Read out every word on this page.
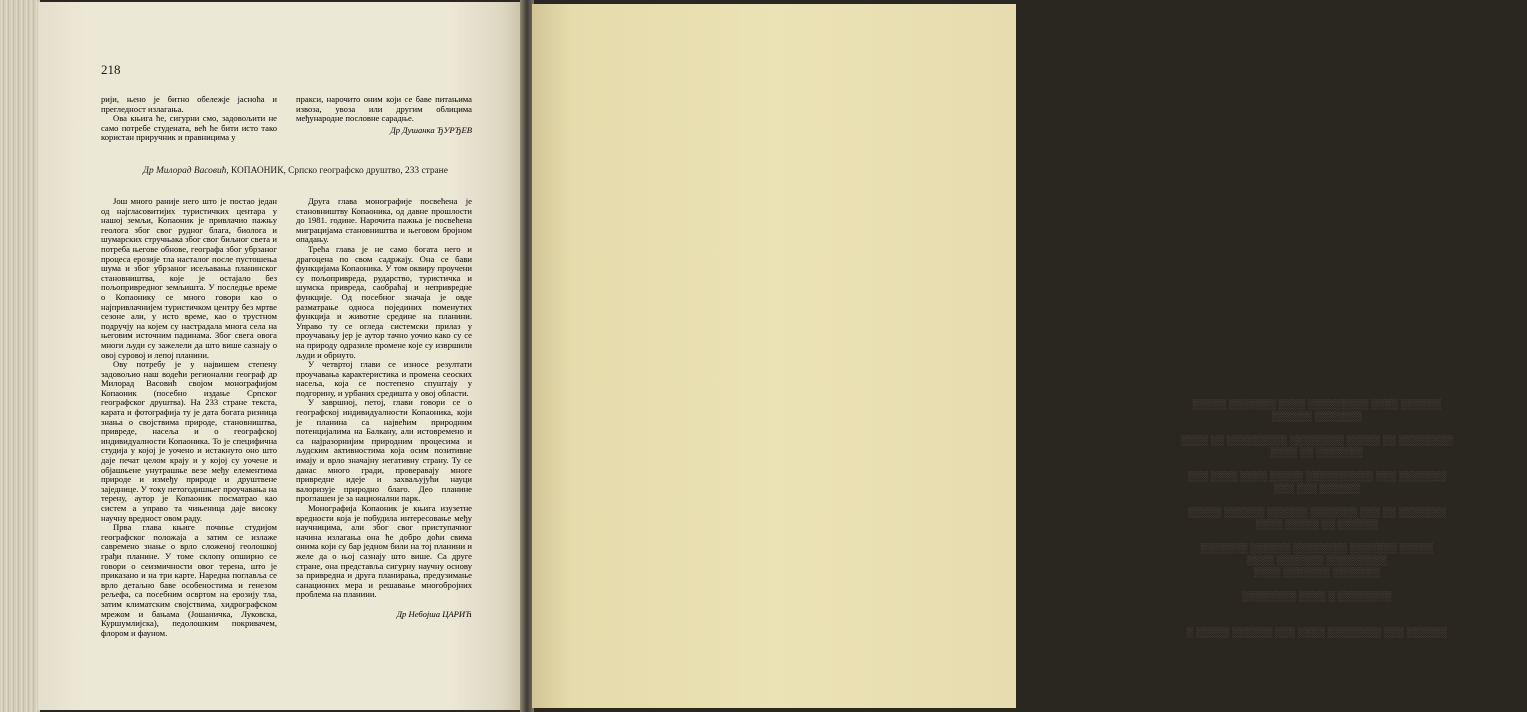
░░░░░░ ░░░░ ░░░░░░░░░ ░░░░ ░░░░░░░ ░░░░░
░░░░░░░ ░░░░░░

░░░░░░░░ ░░ ░░░░░ ░░░░░░░░ ░░░░░░░░░ ░░ ░░░░
░░░░░░░ ░░ ░░░░

░░░░░░░ ░░░ ░░░░░░░░░░ ░░░░░ ░░░░ ░░░░ ░░░
░░░░░░ ░░░ ░░░

░░░░░░░ ░░ ░░░ ░░░░░░░ ░░░░░░ ░░░░░░ ░░░░░
░░░░░░ ░░ ░░░░░ ░░░░

░░░░░ ░░░░░░░ ░░░░░░░░ ░░░░░░ ░░░░░░░
░░░░░░░░░ ░░░░░░░ ░░░░
░░░░░░░ ░░░░░░░ ░░░░

░░░░░░░░ ░ ░░░░ ░░░░░░░░

░░░░░░ ░░░ ░░░░░░░░ ░░░░ ░░░ ░░░░░░ ░░░░░ ░
218

рији, њено је битно обележје јасноћа и прегледност излагања.

Ова књига ће, сигурни смо, задовољити не само потребе студената, већ ће бити исто тако користан приручник и правницима у

пракси, нарочито оним који се баве питањима извоза, увоза или другим облицима међународне пословне сарадње.

Др Душанка ЂУРЂЕВ

Др Милорад Васовић, КОПАОНИК, Српско географско друштво, 233 стране

Још много раније него што је постао један од најгласовитијих туристичких центара у нашој земљи, Копаоник је привлачио пажњу геолога због свог рудног блага, биолога и шумарских стручњака због свог биљног света и потреба његове обнове, географа због убрзаног процеса ерозије тла насталог после пустошења шума и због убрзаног исељавања планинског становништва, које је остајало без пољопривредног земљишта. У последње време о Копаонику се много говори као о најпривлачнијем туристичком центру без мртве сезоне али, у исто време, као о трустном подручју на којем су настрадала многа села на његовим источним падинама. Због свега овога многи људи су зажелели да што више сазнају о овој суровој и лепој планини.

Ову потребу је у највишем степену задовољио наш водећи регионални географ др Милорад Васовић својом монографијом Копаоник (посебно издање Српског географског друштва). На 233 стране текста, карата и фотографија ту је дата богата ризница знања о својствима природе, становништва, привреде, насеља и о географској индивидуалности Копаоника. То је специфична студија у којој је уочено и истакнуто оно што даје печат целом крају и у којој су уочене и објашњене унутрашње везе међу елементима природе и између природе и друштвене заједнице. У току петогодишњег проучавања на терену, аутор је Копаоник посматрао као систем а управо та чињеница даје високу научну вредност овом раду.

Прва глава књиге почиње студијом географског положаја а затим се излаже савремено знање о врло сложеној геолошкој грађи планине. У томе склопу опширно се говори о сеизмичности овог терена, што је приказано и на три карте. Наредна поглавља се врло детаљно баве особеностима и генезом рељефа, са посебним освртом на ерозију тла, затим климатским својствима, хидрографском мрежом и бањама (Јошаничка, Луковска, Куршумлијска), педолошким покривачем, флором и фауном.

Друга глава монографије посвећена је становништву Копаоника, од давне прошлости до 1981. године. Нарочита пажња је посвећена миграцијама становништва и његовом бројном опадању.

Трећа глава је не само богата него и драгоцена по свом садржају. Она се бави функцијама Копаоника. У том оквиру проучени су пољопривреда, рударство, туристичка и шумска привреда, саобраћај и непривредне функције. Од посебног значаја је овде разматрање односа појединих поменутих функција и животне средине на планини. Управо ту се огледа системски прилаз у проучавању јер је аутор тачно уочио како су се на природу одразиле промене које су извршили људи и обрнуто.

У четвртој глави се износе резултати проучавања карактеристика и промена сеоских насеља, која се постепено спуштају у подгорину, и урбаних средишта у овој области.

У завршној, петој, глави говори се о географској индивидуалности Копаоника, који је планина са највећим природним потенцијалима на Балкану, али истовремено и са најразорнијим природним процесима и људским активностима која осим позитивне имају и врло значајну негативну страну. Ту се данас много гради, проверавају многе привредне идеје и захваљујући науци валоризује природно благо. Део планине проглашен је за национални парк.

Монографија Копаоник је књига изузетне вредности која је побудила интересовање међу научницима, али због свог приступачног начина излагања она ће добро доћи свима онима који су бар једном били на тој планини и желе да о њој сазнају што више. Са друге стране, она представља сигурну научну основу за привредна и друга планирања, предузимање санационих мера и решавање многобројних проблема на планини.

Др Небојша ЦАРИЋ
